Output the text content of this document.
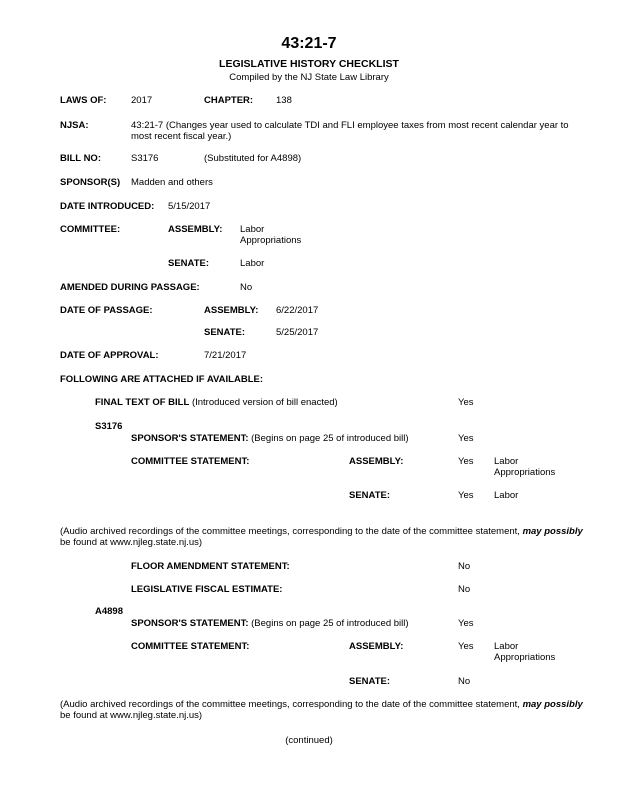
43:21-7
LEGISLATIVE HISTORY CHECKLIST
Compiled by the NJ State Law Library
LAWS OF:	2017	CHAPTER: 138
NJSA:	43:21-7 (Changes year used to calculate TDI and FLI employee taxes from most recent calendar year to
most recent fiscal year.)
BILL NO:	S3176	(Substituted for A4898)
SPONSOR(S) Madden and others
DATE INTRODUCED: 5/15/2017
COMMITTEE:	ASSEMBLY: Labor
Appropriations
SENATE:	Labor
AMENDED DURING PASSAGE:	No
DATE OF PASSAGE:	ASSEMBLY: 6/22/2017
SENATE:	5/25/2017
DATE OF APPROVAL:	7/21/2017
FOLLOWING ARE ATTACHED IF AVAILABLE:
FINAL TEXT OF BILL (Introduced version of bill enacted)	Yes
S3176
SPONSOR'S STATEMENT: (Begins on page 25 of introduced bill)	Yes
COMMITTEE STATEMENT:	ASSEMBLY:	Yes Labor
Appropriations
SENATE:	Yes Labor
(Audio archived recordings of the committee meetings, corresponding to the date of the committee statement, may possibly
be found at www.njleg.state.nj.us)
FLOOR AMENDMENT STATEMENT:	No
LEGISLATIVE FISCAL ESTIMATE:	No
A4898
SPONSOR'S STATEMENT: (Begins on page 25 of introduced bill)	Yes
COMMITTEE STATEMENT:	ASSEMBLY:	Yes Labor
Appropriations
SENATE:	No
(Audio archived recordings of the committee meetings, corresponding to the date of the committee statement, may possibly
be found at www.njleg.state.nj.us)
(continued)
